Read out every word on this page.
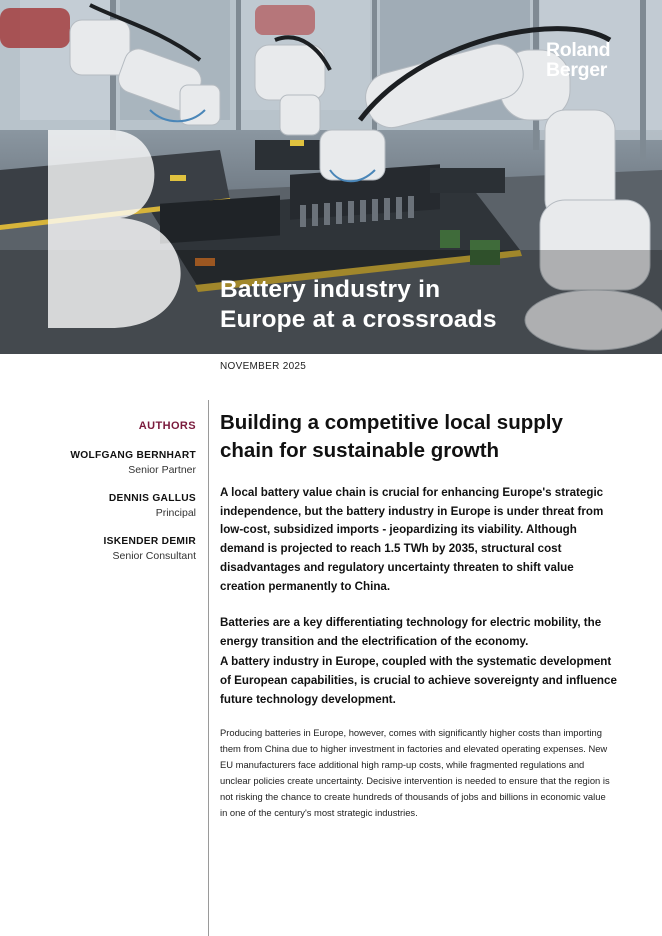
Roland
Berger
Battery industry in
Europe at a crossroads
NOVEMBER 2025
AUTHORS
WOLFGANG BERNHART
Senior Partner
DENNIS GALLUS
Principal
ISKENDER DEMIR
Senior Consultant
Building a competitive local supply chain for sustainable growth

A local battery value chain is crucial for enhancing Europe's strategic independence, but the battery industry in Europe is under threat from low-cost, subsidized imports - jeopardizing its viability. Although demand is projected to reach 1.5 TWh by 2035, structural cost disadvantages and regulatory uncertainty threaten to shift value creation permanently to China.

Batteries are a key differentiating technology for electric mobility, the energy transition and the electrification of the economy.

A battery industry in Europe, coupled with the systematic development of European capabilities, is crucial to achieve sovereignty and influence future technology development.

Producing batteries in Europe, however, comes with significantly higher costs than importing them from China due to higher investment in factories and elevated operating expenses. New EU manufacturers face additional high ramp-up costs, while fragmented regulations and unclear policies create uncertainty. Decisive intervention is needed to ensure that the region is not risking the chance to create hundreds of thousands of jobs and billions in economic value in one of the century's most strategic industries.
